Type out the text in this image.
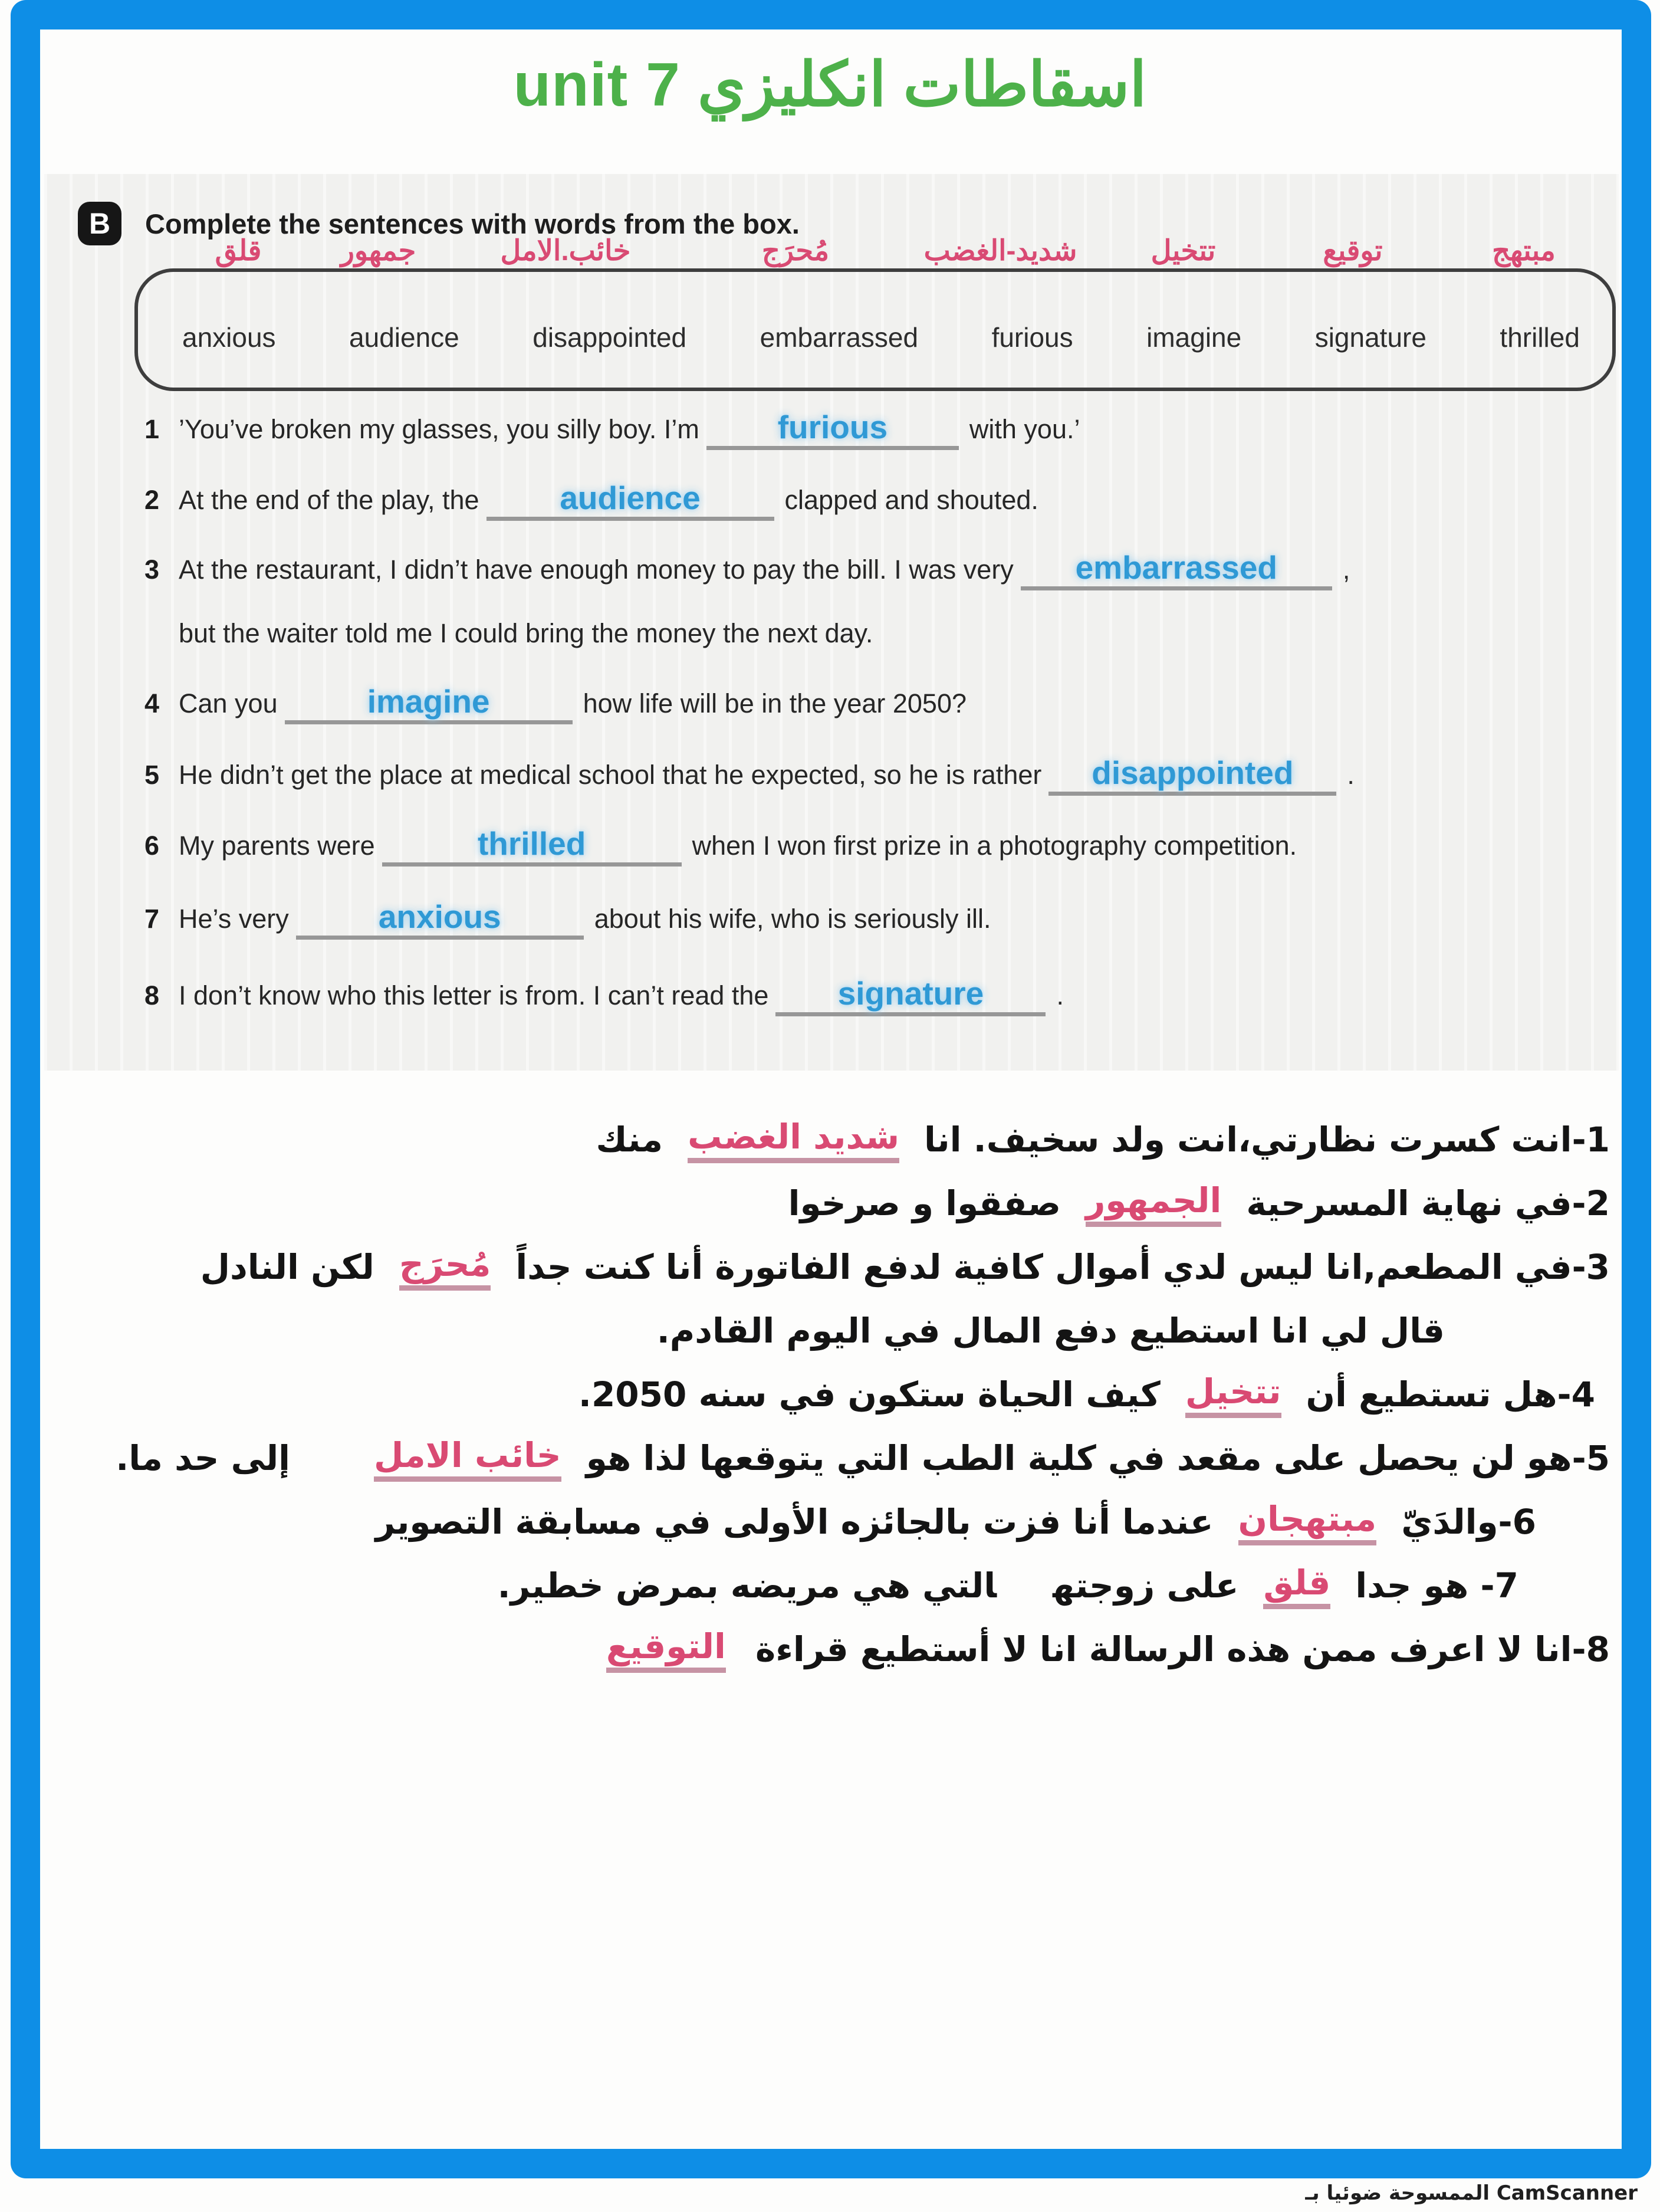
اسقاطات انكليزي unit 7
B	Complete the sentences with words from the box.
قلق	جمهور	خائب.الامل	مُحرَج	شديد-الغضب	تتخيل	توقيع	مبتهج
anxious	audience	disappointed	embarrassed	furious	imagine	signature	thrilled
1 ’You’ve broken my glasses, you silly boy. I’m furious	with you.’
2 At the end of the play, the audience	clapped and shouted.
3 At the restaurant, I didn’t have enough money to pay the bill. I was very embarrassed ,
but the waiter told me I could bring the money the next day.
4 Can you	imagine	how life will be in the year 2050?
5 He didn’t get the place at medical school that he expected, so he is rather disappointed .
6 My parents were	thrilled	when I won first prize in a photography competition.
7 He’s very	anxious	about his wife, who is seriously ill.
8 I don’t know who this letter is from. I can’t read the signature	.
1-انت كسرت نظارتي،انت ولد سخيف. اناشديد الغضبمنك
2-في نهاية المسرحيةالجمهورصفقوا و صرخوا
3-في المطعم,انا ليس لدي أموال كافية لدفع الفاتورة أنا كنت جداًمُحرَجلكن النادل
قال لي انا استطيع دفع المال في اليوم القادم.
4-هل تستطيع أنتتخيلكيف الحياة ستكون في سنه 2050.
5-هو لن يحصل على مقعد في كلية الطب التي يتوقعها لذا هوخائب الاملإلى حد ما.
6-والدَيّمبتهجانعندما أنا فزت بالجائزه الأولى في مسابقة التصوير
7- هو جداقلقعلى زوجتهالتي هي مريضه بمرض خطير.
8-انا لا اعرف ممن هذه الرسالة انا لا أستطيع قراءةالتوقيع
الممسوحة ضوئيا بـ CamScanner
